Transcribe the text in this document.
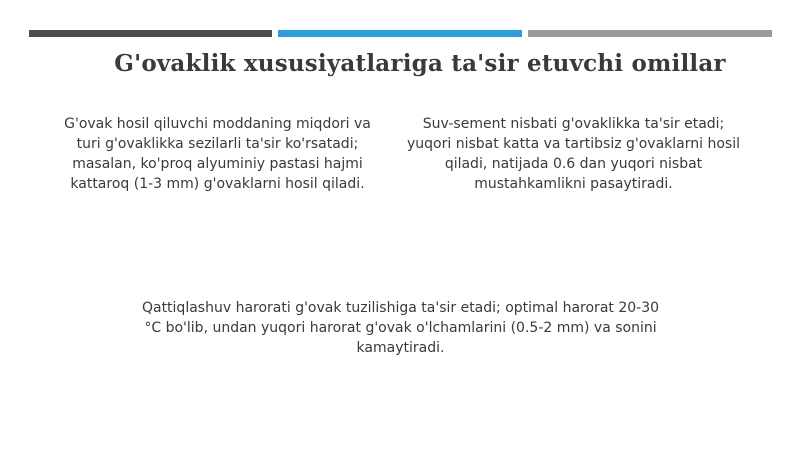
G'ovaklik xususiyatlariga ta'sir etuvchi omillar
G'ovak hosil qiluvchi moddaning miqdori va turi g'ovaklikka sezilarli ta'sir ko'rsatadi; masalan, ko'proq alyuminiy pastasi hajmi kattaroq (1-3 mm) g'ovaklarni hosil qiladi.
Suv-sement nisbati g'ovaklikka ta'sir etadi; yuqori nisbat katta va tartibsiz g'ovaklarni hosil qiladi, natijada 0.6 dan yuqori nisbat mustahkamlikni pasaytiradi.
Qattiqlashuv harorati g'ovak tuzilishiga ta'sir etadi; optimal harorat 20-30 °C bo'lib, undan yuqori harorat g'ovak o'lchamlarini (0.5-2 mm) va sonini kamaytiradi.
